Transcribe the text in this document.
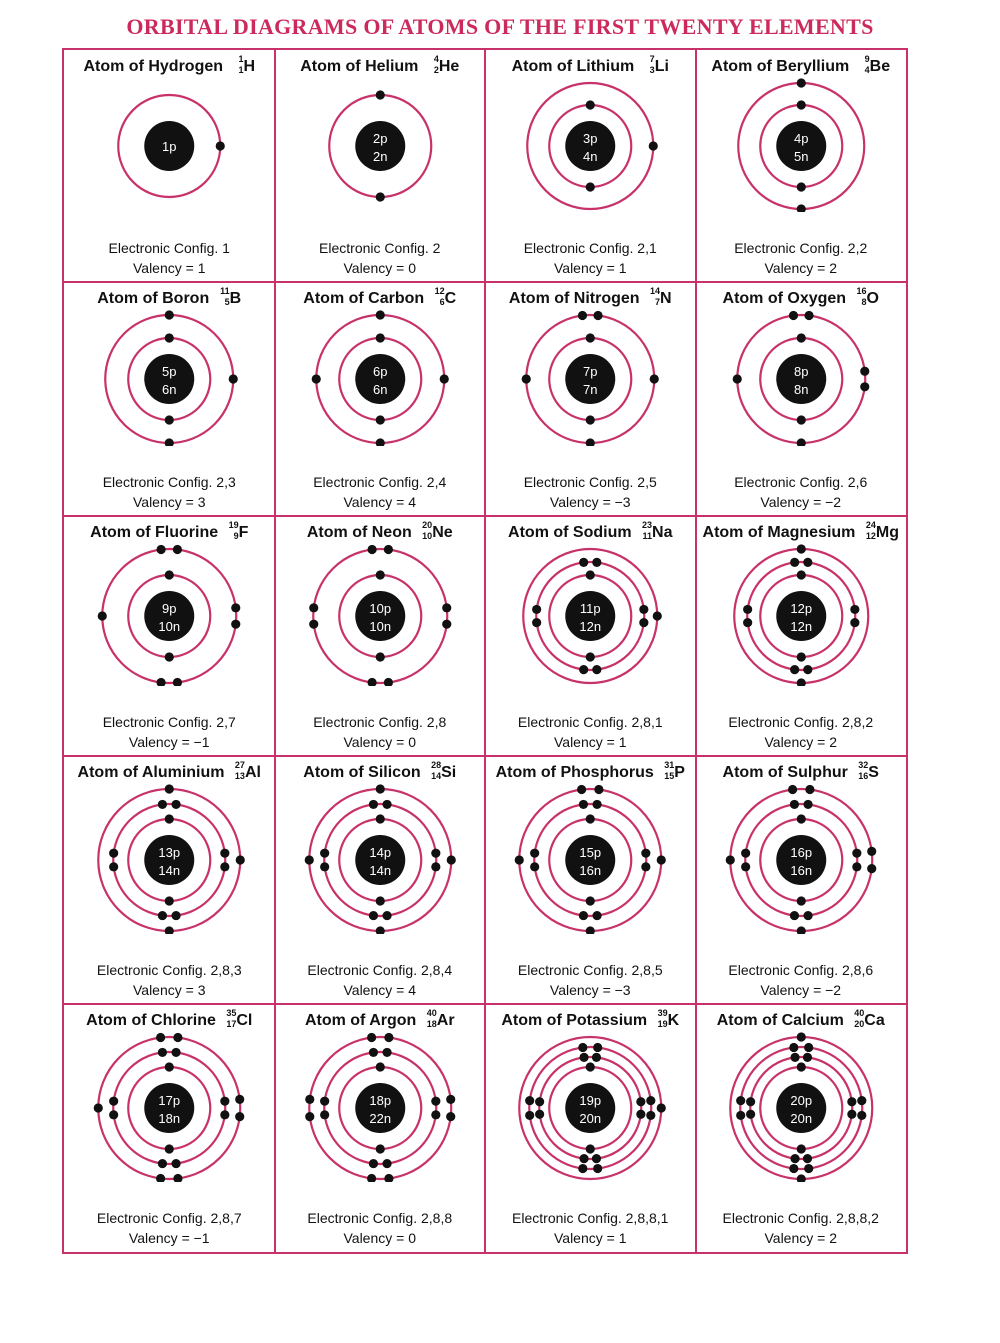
ORBITAL DIAGRAMS OF ATOMS OF THE FIRST TWENTY ELEMENTS
Atom of Hydrogen 1
1 H
1p
Electronic Config. 1
Valency = 1
Atom of Helium 4
2 He
2p
2n
Electronic Config. 2
Valency = 0
Atom of Lithium 7
3 Li
3p
4n
Electronic Config. 2,1
Valency = 1
Atom of Beryllium 9
4 Be
4p
5n
Electronic Config. 2,2
Valency = 2
Atom of Boron 11
5 B
5p
6n
Electronic Config. 2,3
Valency = 3
Atom of Carbon 12
6 C
6p
6n
Electronic Config. 2,4
Valency = 4
Atom of Nitrogen 14
7 N
7p
7n
Electronic Config. 2,5
Valency = −3
Atom of Oxygen 16
8 O
8p
8n
Electronic Config. 2,6
Valency = −2
Atom of Fluorine 19
9 F
9p
10n
Electronic Config. 2,7
Valency = −1
Atom of Neon 20
10 Ne
10p
10n
Electronic Config. 2,8
Valency = 0
Atom of Sodium 23
11 Na
11p
12n
Electronic Config. 2,8,1
Valency = 1
Atom of Magnesium 24
12 Mg
12p
12n
Electronic Config. 2,8,2
Valency = 2
Atom of Aluminium 27
13 Al
13p
14n
Electronic Config. 2,8,3
Valency = 3
Atom of Silicon 28
14 Si
14p
14n
Electronic Config. 2,8,4
Valency = 4
Atom of Phosphorus 31
15 P
15p
16n
Electronic Config. 2,8,5
Valency = −3
Atom of Sulphur 32
16 S
16p
16n
Electronic Config. 2,8,6
Valency = −2
Atom of Chlorine 35
17 Cl
17p
18n
Electronic Config. 2,8,7
Valency = −1
Atom of Argon 40
18 Ar
18p
22n
Electronic Config. 2,8,8
Valency = 0
Atom of Potassium 39
19 K
19p
20n
Electronic Config. 2,8,8,1
Valency = 1
Atom of Calcium 40
20 Ca
20p
20n
Electronic Config. 2,8,8,2
Valency = 2
